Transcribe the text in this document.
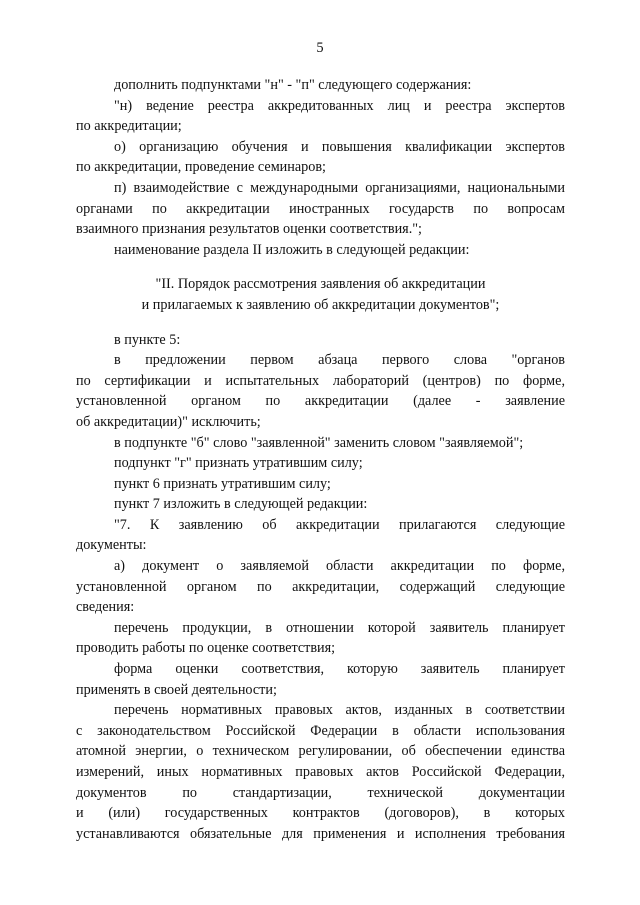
5
дополнить подпунктами "н" - "п" следующего содержания:
"н) ведение реестра аккредитованных лиц и реестра экспертов
по аккредитации;
о) организацию обучения и повышения квалификации экспертов
по аккредитации, проведение семинаров;
п) взаимодействие с международными организациями, национальными
органами по аккредитации иностранных государств по вопросам
взаимного признания результатов оценки соответствия.";
наименование раздела II изложить в следующей редакции:
"II. Порядок рассмотрения заявления об аккредитации
и прилагаемых к заявлению об аккредитации документов";
в пункте 5:
в предложении первом абзаца первого слова "органов
по сертификации и испытательных лабораторий (центров) по форме,
установленной органом по аккредитации (далее - заявление
об аккредитации)" исключить;
в подпункте "б" слово "заявленной" заменить словом "заявляемой";
подпункт "г" признать утратившим силу;
пункт 6 признать утратившим силу;
пункт 7 изложить в следующей редакции:
"7. К заявлению об аккредитации прилагаются следующие
документы:
а) документ о заявляемой области аккредитации по форме,
установленной органом по аккредитации, содержащий следующие
сведения:
перечень продукции, в отношении которой заявитель планирует
проводить работы по оценке соответствия;
форма оценки соответствия, которую заявитель планирует
применять в своей деятельности;
перечень нормативных правовых актов, изданных в соответствии
с законодательством Российской Федерации в области использования
атомной энергии, о техническом регулировании, об обеспечении единства
измерений, иных нормативных правовых актов Российской Федерации,
документов по стандартизации, технической документации
и (или) государственных контрактов (договоров), в которых
устанавливаются обязательные для применения и исполнения требования
